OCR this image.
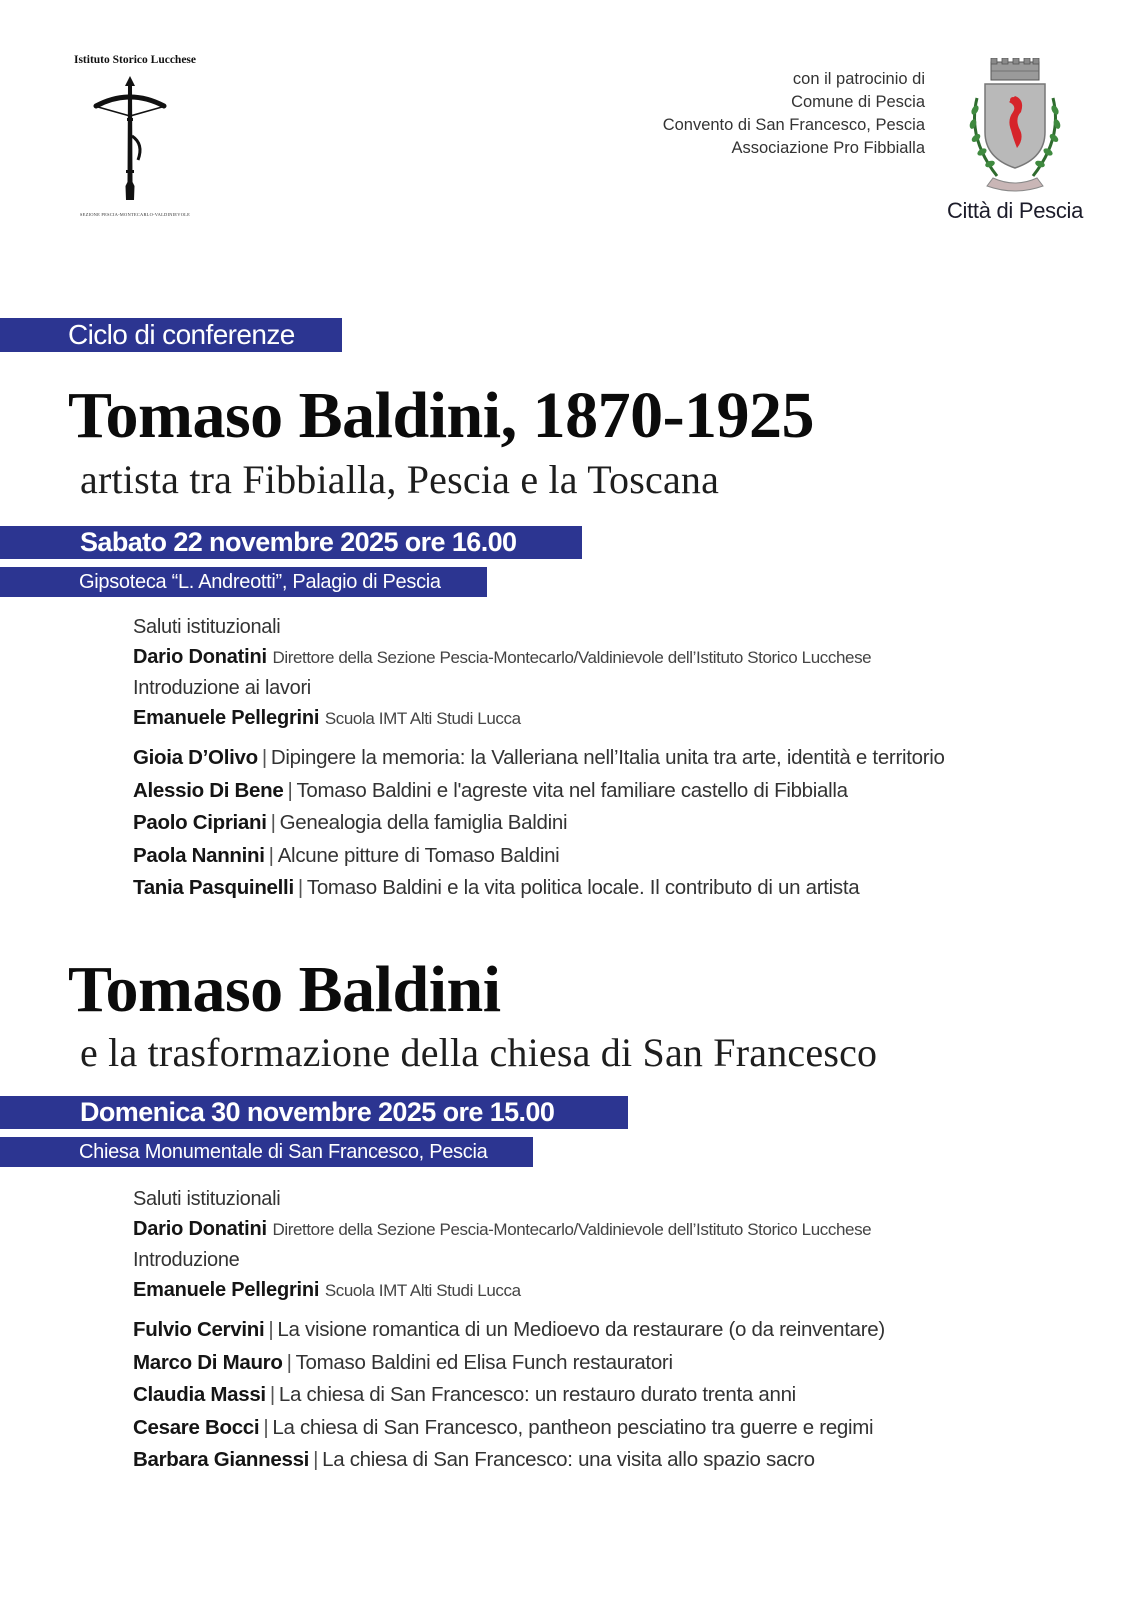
Istituto Storico Lucchese
SEZIONE PESCIA-MONTECARLO-VALDINIEVOLE
con il patrocinio di
Comune di Pescia
Convento di San Francesco, Pescia
Associazione Pro Fibbialla
Città di Pescia
Ciclo di conferenze
Tomaso Baldini, 1870-1925
artista tra Fibbialla, Pescia e la Toscana
Sabato 22 novembre 2025 ore 16.00
Gipsoteca “L. Andreotti”, Palagio di Pescia
Saluti istituzionali
Dario Donatini Direttore della Sezione Pescia-Montecarlo/Valdinievole dell’Istituto Storico Lucchese
Introduzione ai lavori
Emanuele Pellegrini Scuola IMT Alti Studi Lucca
Gioia D’Olivo | Dipingere la memoria: la Valleriana nell’Italia unita tra arte, identità e territorio
Alessio Di Bene | Tomaso Baldini e l'agreste vita nel familiare castello di Fibbialla
Paolo Cipriani | Genealogia della famiglia Baldini
Paola Nannini | Alcune pitture di Tomaso Baldini
Tania Pasquinelli | Tomaso Baldini e la vita politica locale. Il contributo di un artista
Tomaso Baldini
e la trasformazione della chiesa di San Francesco
Domenica 30 novembre 2025 ore 15.00
Chiesa Monumentale di San Francesco, Pescia
Saluti istituzionali
Dario Donatini Direttore della Sezione Pescia-Montecarlo/Valdinievole dell’Istituto Storico Lucchese
Introduzione
Emanuele Pellegrini Scuola IMT Alti Studi Lucca
Fulvio Cervini | La visione romantica di un Medioevo da restaurare (o da reinventare)
Marco Di Mauro | Tomaso Baldini ed Elisa Funch restauratori
Claudia Massi | La chiesa di San Francesco: un restauro durato trenta anni
Cesare Bocci | La chiesa di San Francesco, pantheon pesciatino tra guerre e regimi
Barbara Giannessi | La chiesa di San Francesco: una visita allo spazio sacro
